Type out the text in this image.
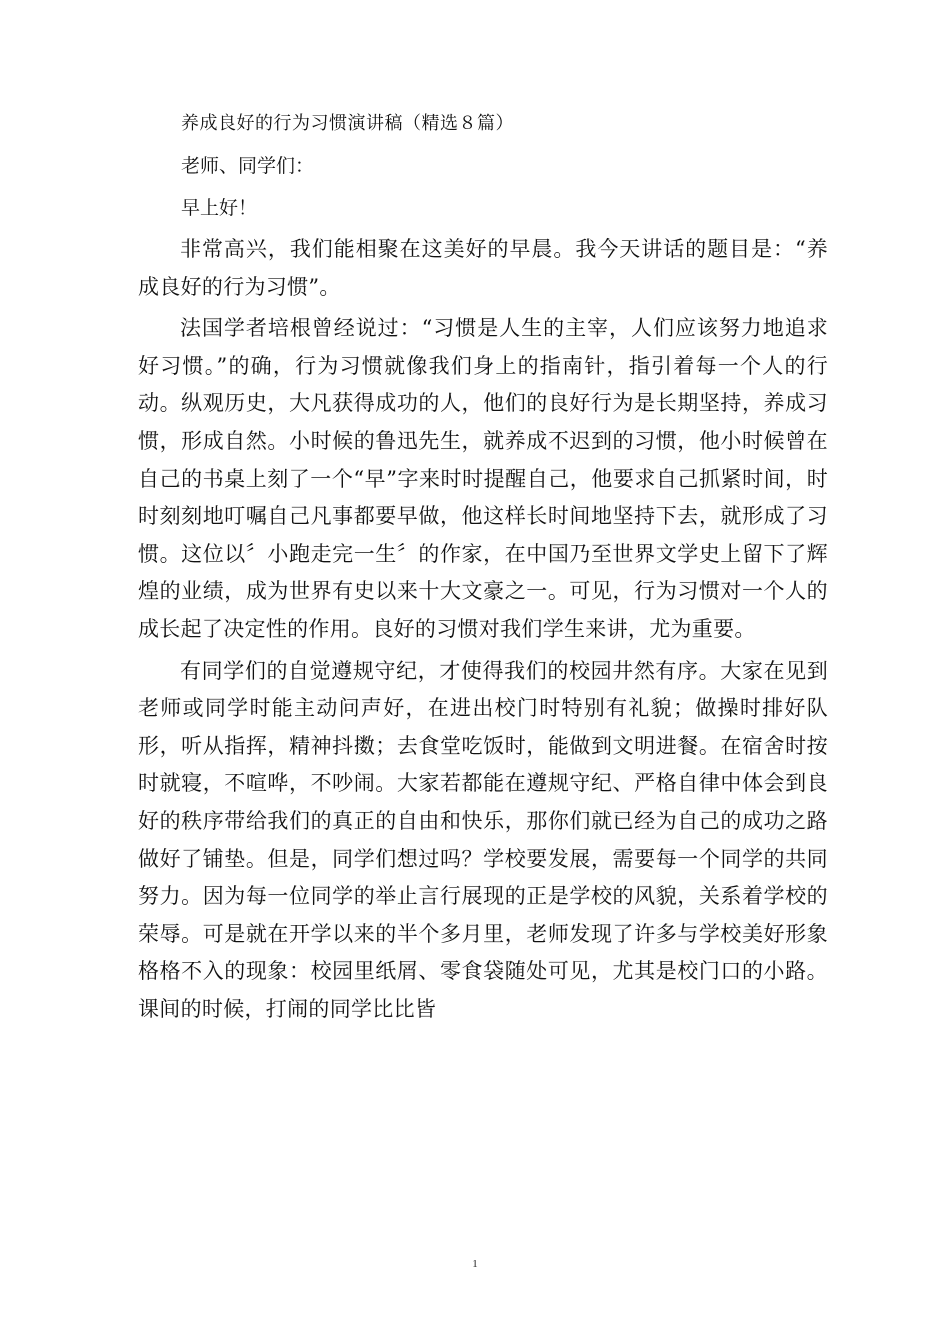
养成良好的行为习惯演讲稿（精选８篇）
老师、同学们：
早上好！

非常高兴，我们能相聚在这美好的早晨。我今天讲话的题目是：“养成良好的行为习惯”。

法国学者培根曾经说过：“习惯是人生的主宰，人们应该努力地追求好习惯。”的确，行为习惯就像我们身上的指南针，指引着每一个人的行动。纵观历史，大凡获得成功的人，他们的良好行为是长期坚持，养成习惯，形成自然。小时候的鲁迅先生，就养成不迟到的习惯，他小时候曾在自己的书桌上刻了一个“早”字来时时提醒自己，他要求自己抓紧时间，时时刻刻地叮嘱自己凡事都要早做，他这样长时间地坚持下去，就形成了习惯。这位以〞小跑走完一生〞的作家，在中国乃至世界文学史上留下了辉煌的业绩，成为世界有史以来十大文豪之一。可见，行为习惯对一个人的成长起了决定性的作用。良好的习惯对我们学生来讲，尤为重要。

有同学们的自觉遵规守纪，才使得我们的校园井然有序。大家在见到老师或同学时能主动问声好，在进出校门时特别有礼貌；做操时排好队形，听从指挥，精神抖擞；去食堂吃饭时，能做到文明进餐。在宿舍时按时就寝，不喧哗，不吵闹。大家若都能在遵规守纪、严格自律中体会到良好的秩序带给我们的真正的自由和快乐，那你们就已经为自己的成功之路做好了铺垫。但是，同学们想过吗？学校要发展，需要每一个同学的共同努力。因为每一位同学的举止言行展现的正是学校的风貌，关系着学校的荣辱。可是就在开学以来的半个多月里，老师发现了许多与学校美好形象格格不入的现象：校园里纸屑、零食袋随处可见，尤其是校门口的小路。课间的时候，打闹的同学比比皆

1
